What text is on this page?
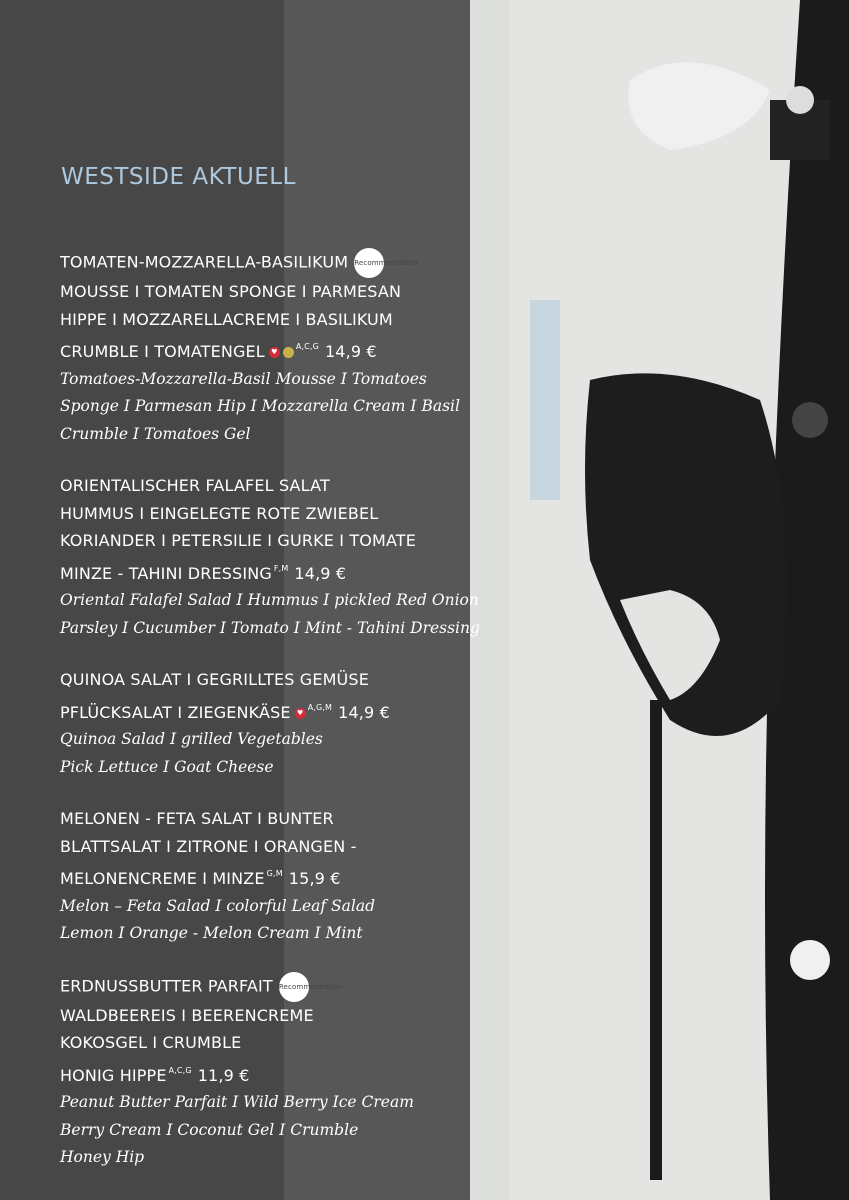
WESTSIDE AKTUELL
TOMATEN-MOZZARELLA-BASILIKUM Recommendation
MOUSSE I TOMATEN SPONGE I PARMESAN
HIPPE I MOZZARELLACREME I BASILIKUM
CRUMBLE I TOMATENGEL ♥$^{A,C,G}$ 14,9 €
Tomatoes-Mozzarella-Basil Mousse I Tomatoes
Sponge I Parmesan Hip I Mozzarella Cream I Basil
Crumble I Tomatoes Gel
ORIENTALISCHER FALAFEL SALAT
HUMMUS I EINGELEGTE ROTE ZWIEBEL
KORIANDER I PETERSILIE I GURKE I TOMATE
MINZE - TAHINI DRESSING $^{F,M}$ 14,9 €
Oriental Falafel Salad I Hummus I pickled Red Onion
Parsley I Cucumber I Tomato I Mint - Tahini Dressing
QUINOA SALAT I GEGRILLTES GEMÜSE
PFLÜCKSALAT I ZIEGENKÄSE ♥$^{A,G,M}$ 14,9 €
Quinoa Salad I grilled Vegetables
Pick Lettuce I Goat Cheese
MELONEN - FETA SALAT I BUNTER
BLATTSALAT I ZITRONE I ORANGEN -
MELONENCREME I MINZE $^{G,M}$ 15,9 €
Melon – Feta Salad I colorful Leaf Salad
Lemon I Orange - Melon Cream I Mint
ERDNUSSBUTTER PARFAIT Recommendation
WALDBEEREIS I BEERENCREME
KOKOSGEL I CRUMBLE
HONIG HIPPE $^{A,C,G}$ 11,9 €
Peanut Butter Parfait I Wild Berry Ice Cream
Berry Cream I Coconut Gel I Crumble
Honey Hip
